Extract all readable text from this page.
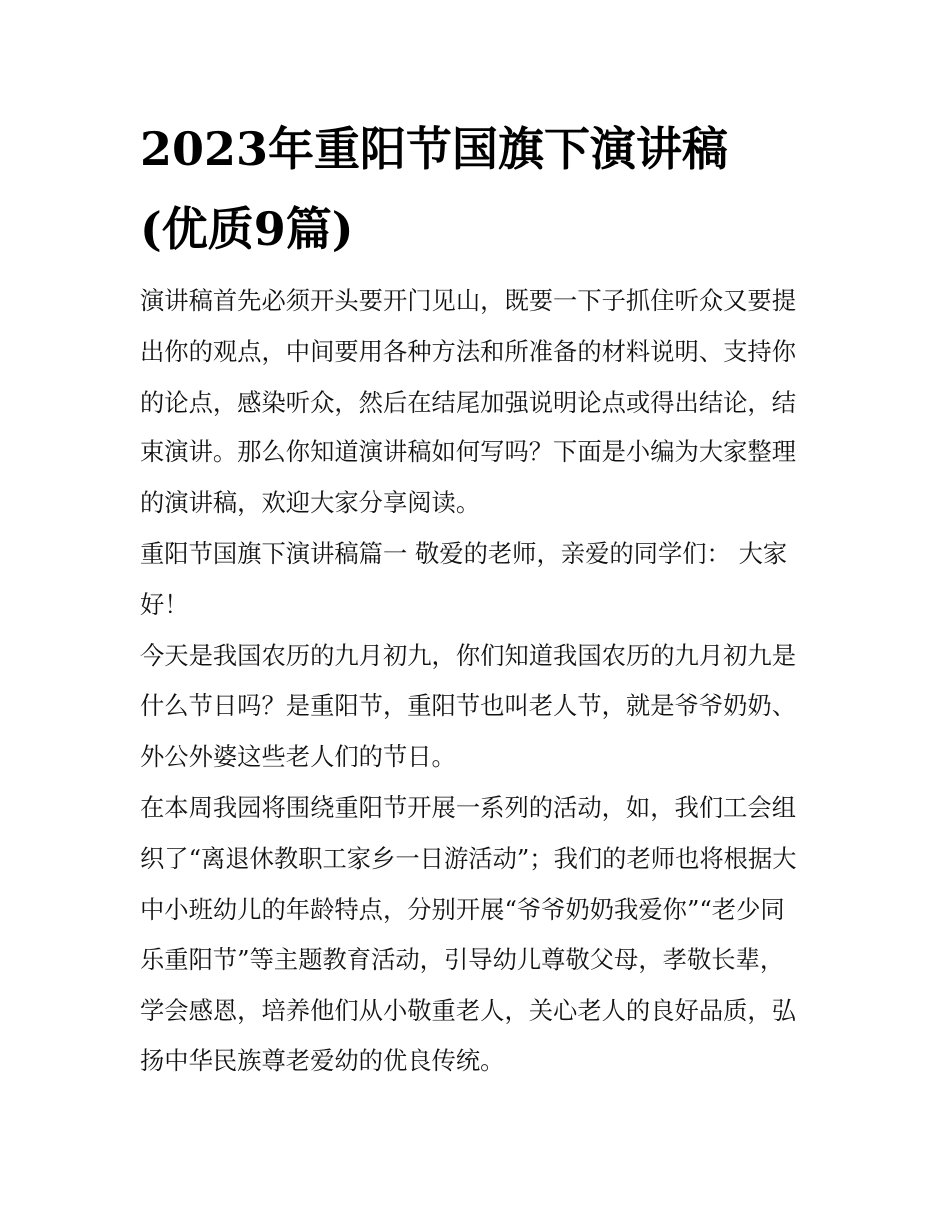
2023年重阳节国旗下演讲稿
(优质9篇)
演讲稿首先必须开头要开门见山，既要一下子抓住听众又要提
出你的观点，中间要用各种方法和所准备的材料说明、支持你
的论点，感染听众，然后在结尾加强说明论点或得出结论，结
束演讲。那么你知道演讲稿如何写吗？下面是小编为大家整理
的演讲稿，欢迎大家分享阅读。
重阳节国旗下演讲稿篇一 敬爱的老师，亲爱的同学们： 大家
好！
今天是我国农历的九月初九，你们知道我国农历的九月初九是
什么节日吗？是重阳节，重阳节也叫老人节，就是爷爷奶奶、
外公外婆这些老人们的节日。
在本周我园将围绕重阳节开展一系列的活动，如，我们工会组
织了“离退休教职工家乡一日游活动”；我们的老师也将根据大
中小班幼儿的年龄特点，分别开展“爷爷奶奶我爱你”“老少同
乐重阳节”等主题教育活动，引导幼儿尊敬父母，孝敬长辈，
学会感恩，培养他们从小敬重老人，关心老人的良好品质，弘
扬中华民族尊老爱幼的优良传统。
